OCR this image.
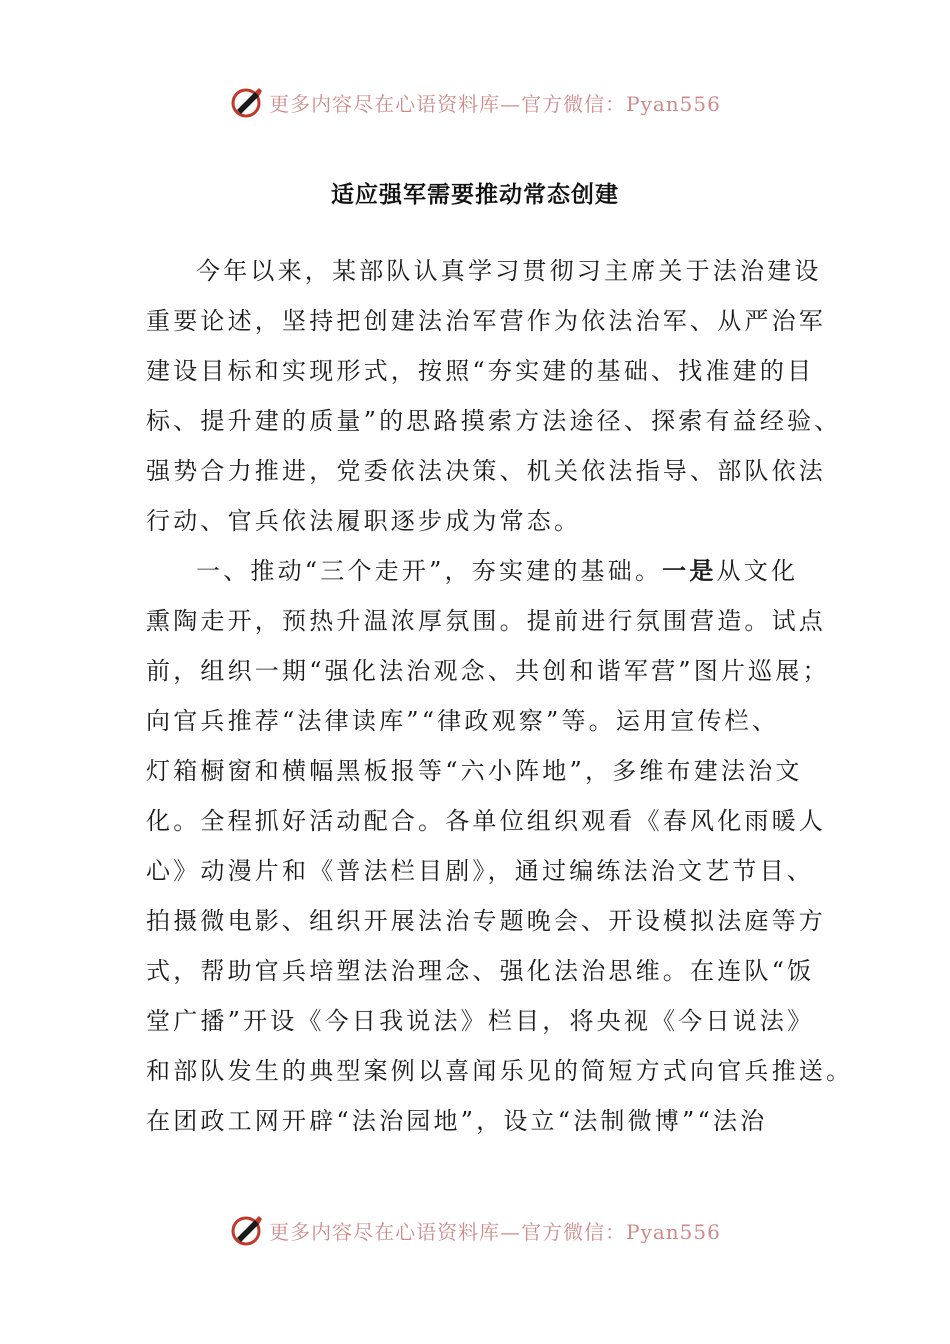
更多内容尽在心语资料库—官方微信：Pyan556
适应强军需要推动常态创建
今年以来，某部队认真学习贯彻习主席关于法治建设
重要论述，坚持把创建法治军营作为依法治军、从严治军
建设目标和实现形式，按照“夯实建的基础、找准建的目
标、提升建的质量”的思路摸索方法途径、探索有益经验、
强势合力推进，党委依法决策、机关依法指导、部队依法
行动、官兵依法履职逐步成为常态。
一、推动“三个走开”，夯实建的基础。一是从文化
熏陶走开，预热升温浓厚氛围。提前进行氛围营造。试点
前，组织一期“强化法治观念、共创和谐军营”图片巡展；
向官兵推荐“法律读库”“律政观察”等。运用宣传栏、
灯箱橱窗和横幅黑板报等“六小阵地”，多维布建法治文
化。全程抓好活动配合。各单位组织观看《春风化雨暖人
心》动漫片和《普法栏目剧》，通过编练法治文艺节目、
拍摄微电影、组织开展法治专题晚会、开设模拟法庭等方
式，帮助官兵培塑法治理念、强化法治思维。在连队“饭
堂广播”开设《今日我说法》栏目，将央视《今日说法》
和部队发生的典型案例以喜闻乐见的简短方式向官兵推送。
在团政工网开辟“法治园地”，设立“法制微博”“法治
更多内容尽在心语资料库—官方微信：Pyan556
